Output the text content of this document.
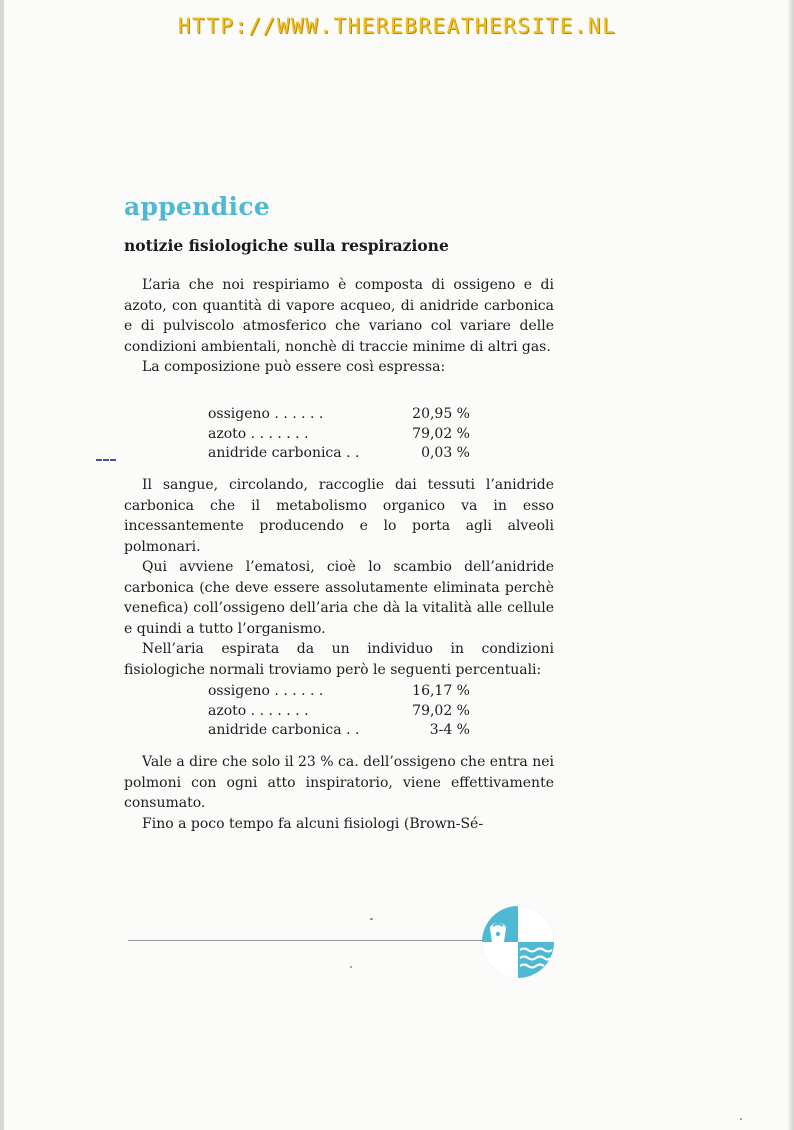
HTTP://WWW.THEREBREATHERSITE.NL
appendice
notizie fisiologiche sulla respirazione

L’aria che noi respiriamo è composta di ossigeno e di azoto, con quantità di vapore acqueo, di anidride carbonica e di pulviscolo atmosferico che variano col variare delle condizioni ambientali, nonchè di traccie minime di altri gas.

La composizione può essere così espressa:

ossigeno . . . . . .	20,95 %
azoto . . . . . . .	79,02 %
anidride carbonica . .	0,03 %

Il sangue, circolando, raccoglie dai tessuti l’anidride carbonica che il metabolismo organico va in esso incessantemente producendo e lo porta agli alveoli polmonari.

Qui avviene l’ematosi, cioè lo scambio dell’anidride carbonica (che deve essere assolutamente eliminata perchè venefica) coll’ossigeno dell’aria che dà la vitalità alle cellule e quindi a tutto l’organismo.

Nell’aria espirata da un individuo in condizioni fisiologiche normali troviamo però le seguenti percentuali:

ossigeno . . . . . .	16,17 %
azoto . . . . . . .	79,02 %
anidride carbonica . .	3-4 %

Vale a dire che solo il 23 % ca. dell’ossigeno che entra nei polmoni con ogni atto inspiratorio, viene effettivamente consumato.

Fino a poco tempo fa alcuni fisiologi (Brown-Sé-
